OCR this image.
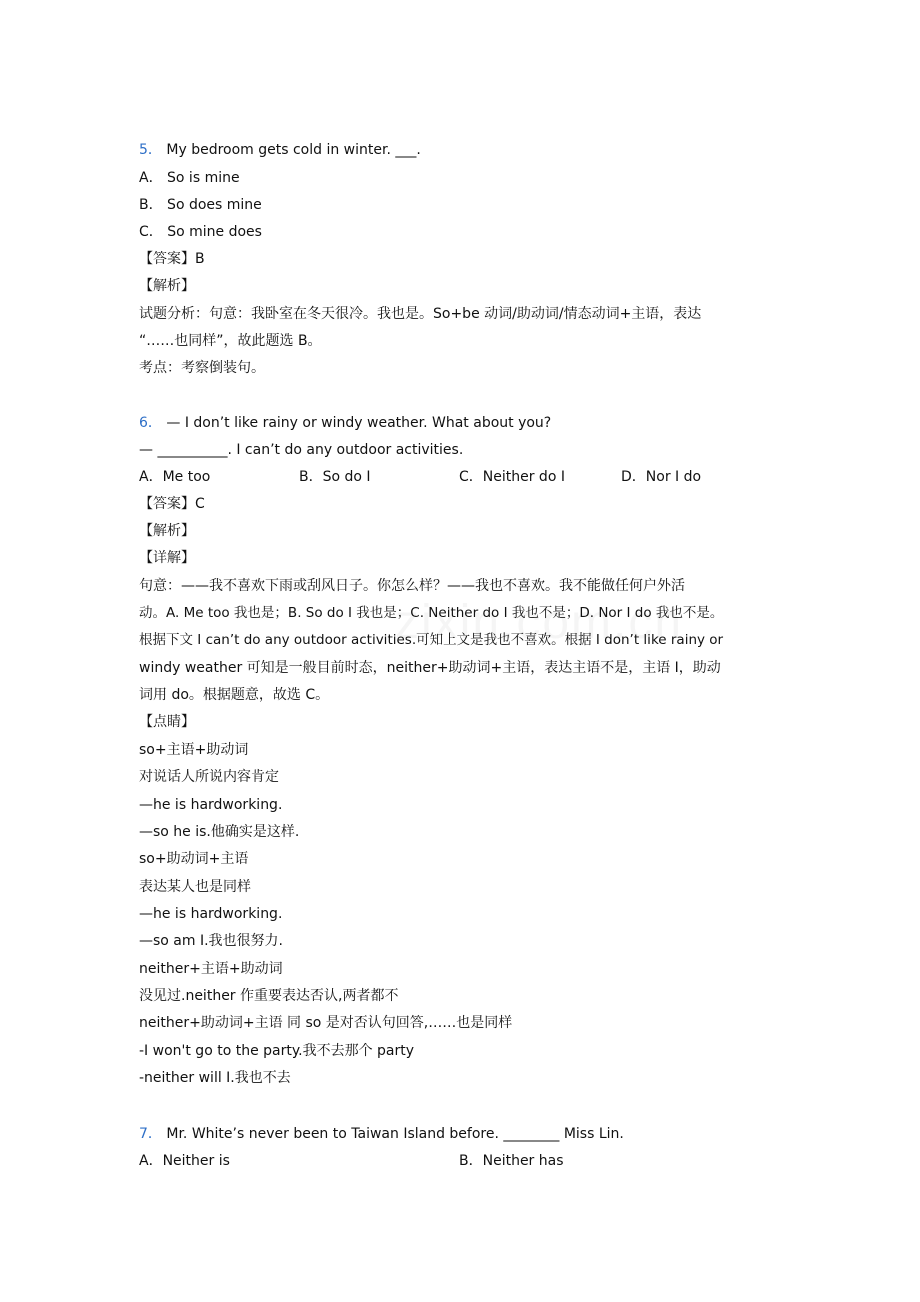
5． My bedroom gets cold in winter. ___.
A． So is mine
B． So does mine
C． So mine does
【答案】B
【解析】
试题分析：句意：我卧室在冬天很冷。我也是。So+be 动词/助动词/情态动词+主语，表达
“……也同样”，故此题选 B。
考点：考察倒装句。
6． — I don’t like rainy or windy weather. What about you?
— __________. I can’t do any outdoor activities.
A．Me too	B．So do I	C．Neither do I	D．Nor I do
【答案】C
【解析】
【详解】
句意：——我不喜欢下雨或刮风日子。你怎么样？——我也不喜欢。我不能做任何户外活
动。A. Me too 我也是；B. So do I 我也是；C. Neither do I 我也不是；D. Nor I do 我也不是。
根据下文 I can’t do any outdoor activities.可知上文是我也不喜欢。根据 I don’t like rainy or
windy weather 可知是一般目前时态，neither+助动词+主语，表达主语不是，主语 I，助动
词用 do。根据题意，故选 C。
【点睛】
so+主语+助动词
对说话人所说内容肯定
—he is hardworking.
—so he is.他确实是这样.
so+助动词+主语
表达某人也是同样
—he is hardworking.
—so am I.我也很努力.
neither+主语+助动词
没见过.neither 作重要表达否认,两者都不
neither+助动词+主语 同 so 是对否认句回答,……也是同样
-I won't go to the party.我不去那个 party
-neither will I.我也不去
7． Mr. White’s never been to Taiwan Island before. ________ Miss Lin.
A．Neither is	B．Neither has
